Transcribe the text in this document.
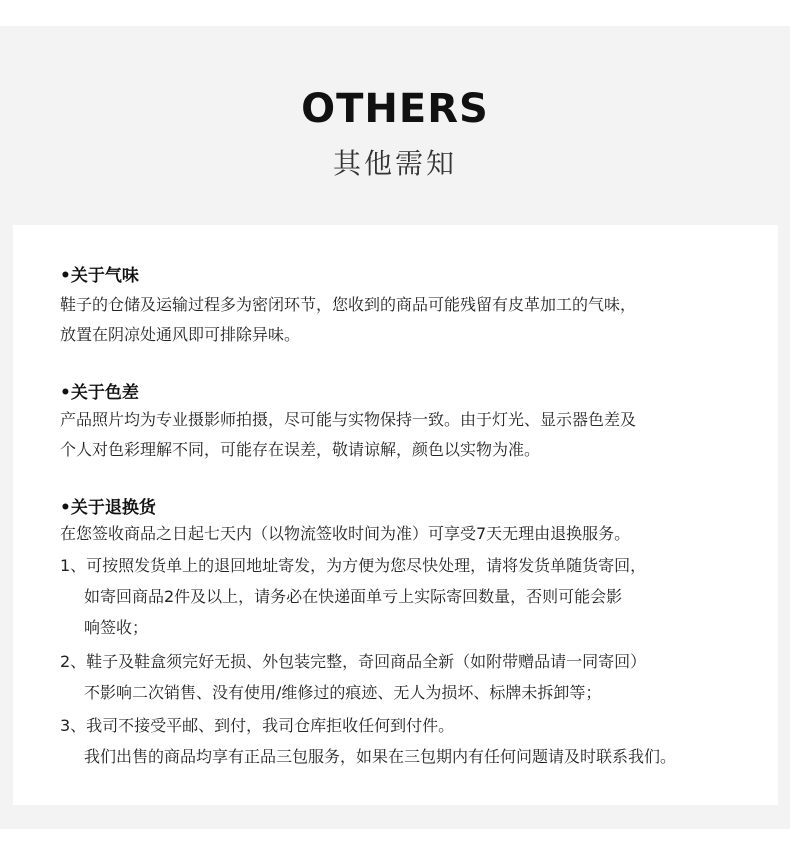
OTHERS
其他需知
•关于气味
鞋子的仓储及运输过程多为密闭环节，您收到的商品可能残留有皮革加工的气味，
放置在阴凉处通风即可排除异味。
•关于色差
产品照片均为专业摄影师拍摄，尽可能与实物保持一致。由于灯光、显示器色差及
个人对色彩理解不同，可能存在误差，敬请谅解，颜色以实物为准。
•关于退换货
在您签收商品之日起七天内（以物流签收时间为准）可享受7天无理由退换服务。
1、可按照发货单上的退回地址寄发，为方便为您尽快处理，请将发货单随货寄回，
如寄回商品2件及以上，请务必在快递面单亏上实际寄回数量，否则可能会影
响签收；
2、鞋子及鞋盒须完好无损、外包装完整，奇回商品全新（如附带赠品请一同寄回）
不影响二次销售、没有使用/维修过的痕迹、无人为损坏、标牌未拆卸等；
3、我司不接受平邮、到付，我司仓库拒收任何到付件。
我们出售的商品均享有正品三包服务，如果在三包期内有任何问题请及时联系我们。
